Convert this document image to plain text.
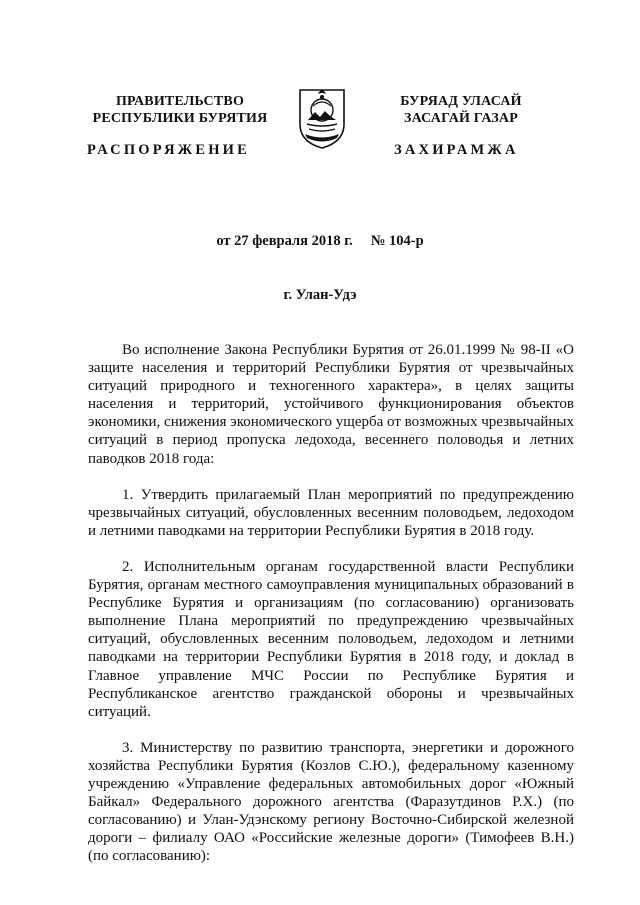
ПРАВИТЕЛЬСТВО
РЕСПУБЛИКИ БУРЯТИЯ
БУРЯАД УЛАСАЙ
ЗАСАГАЙ ГАЗАР
РАСПОРЯЖЕНИЕ	ЗАХИРАМЖА
от 27 февраля 2018 г. № 104-р
г. Улан-Удэ

Во исполнение Закона Республики Бурятия от 26.01.1999 № 98-II «О защите населения и территорий Республики Бурятия от чрезвычайных ситуаций природного и техногенного характера», в целях защиты населения и территорий, устойчивого функционирования объектов экономики, снижения экономического ущерба от возможных чрезвычайных ситуаций в период пропуска ледохода, весеннего половодья и летних паводков 2018 года:

1. Утвердить прилагаемый План мероприятий по предупреждению чрезвычайных ситуаций, обусловленных весенним половодьем, ледоходом и летними паводками на территории Республики Бурятия в 2018 году.

2. Исполнительным органам государственной власти Республики Бурятия, органам местного самоуправления муниципальных образований в Республике Бурятия и организациям (по согласованию) организовать выполнение Плана мероприятий по предупреждению чрезвычайных ситуаций, обусловленных весенним половодьем, ледоходом и летними паводками на территории Республики Бурятия в 2018 году, и доклад в Главное управление МЧС России по Республике Бурятия и Республиканское агентство гражданской обороны и чрезвычайных ситуаций.

3. Министерству по развитию транспорта, энергетики и дорожного хозяйства Республики Бурятия (Козлов С.Ю.), федеральному казенному учреждению «Управление федеральных автомобильных дорог «Южный Байкал» Федерального дорожного агентства (Фаразутдинов Р.Х.) (по согласованию) и Улан-Удэнскому региону Восточно-Сибирской железной дороги – филиалу ОАО «Российские железные дороги» (Тимофеев В.Н.) (по согласованию):
